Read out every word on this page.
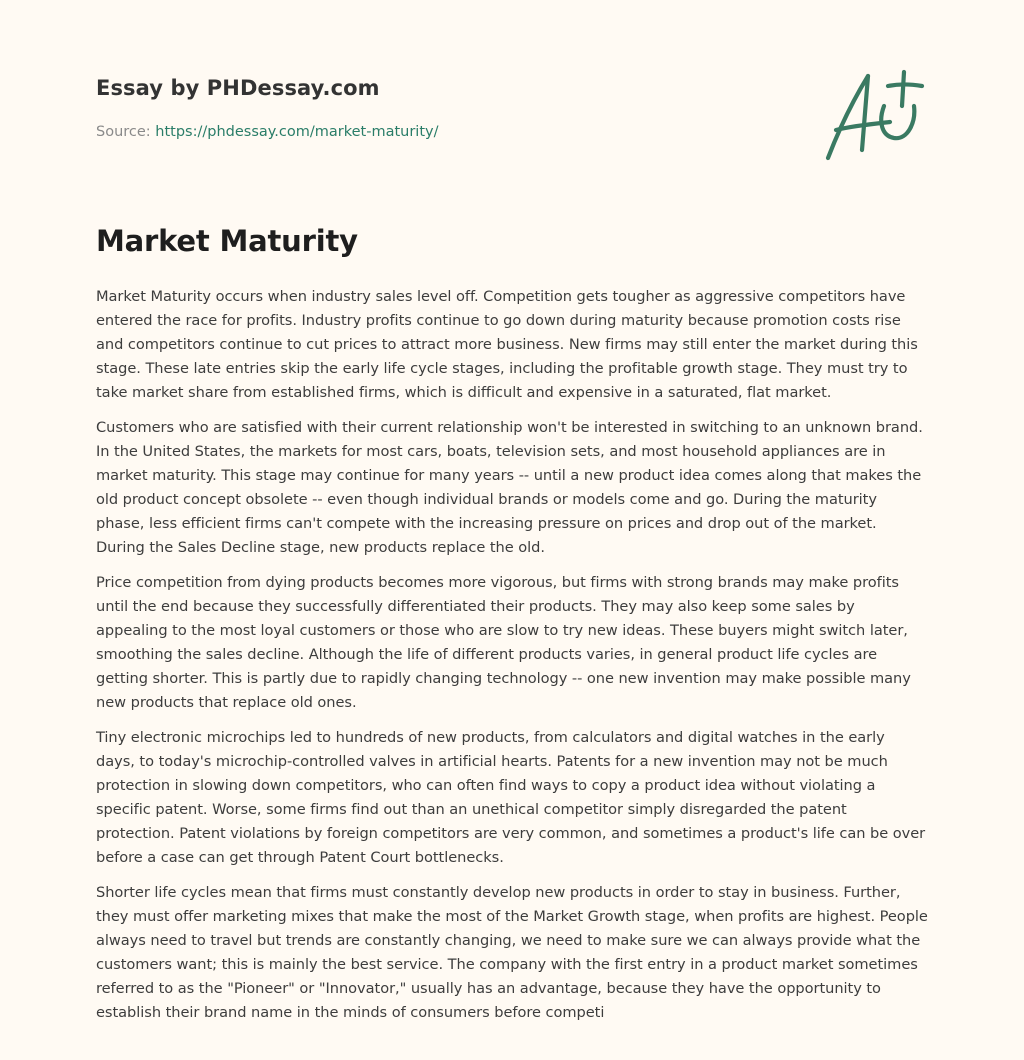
Essay by PHDessay.com
Source: https://phdessay.com/market-maturity/
Market Maturity

Market Maturity occurs when industry sales level off. Competition gets tougher as aggressive competitors have entered the race for profits. Industry profits continue to go down during maturity because promotion costs rise and competitors continue to cut prices to attract more business. New firms may still enter the market during this stage. These late entries skip the early life cycle stages, including the profitable growth stage. They must try to take market share from established firms, which is difficult and expensive in a saturated, flat market.

Customers who are satisfied with their current relationship won't be interested in switching to an unknown brand. In the United States, the markets for most cars, boats, television sets, and most household appliances are in market maturity. This stage may continue for many years -- until a new product idea comes along that makes the old product concept obsolete -- even though individual brands or models come and go. During the maturity phase, less efficient firms can't compete with the increasing pressure on prices and drop out of the market. During the Sales Decline stage, new products replace the old.

Price competition from dying products becomes more vigorous, but firms with strong brands may make profits until the end because they successfully differentiated their products. They may also keep some sales by appealing to the most loyal customers or those who are slow to try new ideas. These buyers might switch later, smoothing the sales decline. Although the life of different products varies, in general product life cycles are getting shorter. This is partly due to rapidly changing technology -- one new invention may make possible many new products that replace old ones.

Tiny electronic microchips led to hundreds of new products, from calculators and digital watches in the early days, to today's microchip-controlled valves in artificial hearts. Patents for a new invention may not be much protection in slowing down competitors, who can often find ways to copy a product idea without violating a specific patent. Worse, some firms find out than an unethical competitor simply disregarded the patent protection. Patent violations by foreign competitors are very common, and sometimes a product's life can be over before a case can get through Patent Court bottlenecks.

Shorter life cycles mean that firms must constantly develop new products in order to stay in business. Further, they must offer marketing mixes that make the most of the Market Growth stage, when profits are highest. People always need to travel but trends are constantly changing, we need to make sure we can always provide what the customers want; this is mainly the best service. The company with the first entry in a product market sometimes referred to as the "Pioneer" or "Innovator," usually has an advantage, because they have the opportunity to establish their brand name in the minds of consumers before competi
